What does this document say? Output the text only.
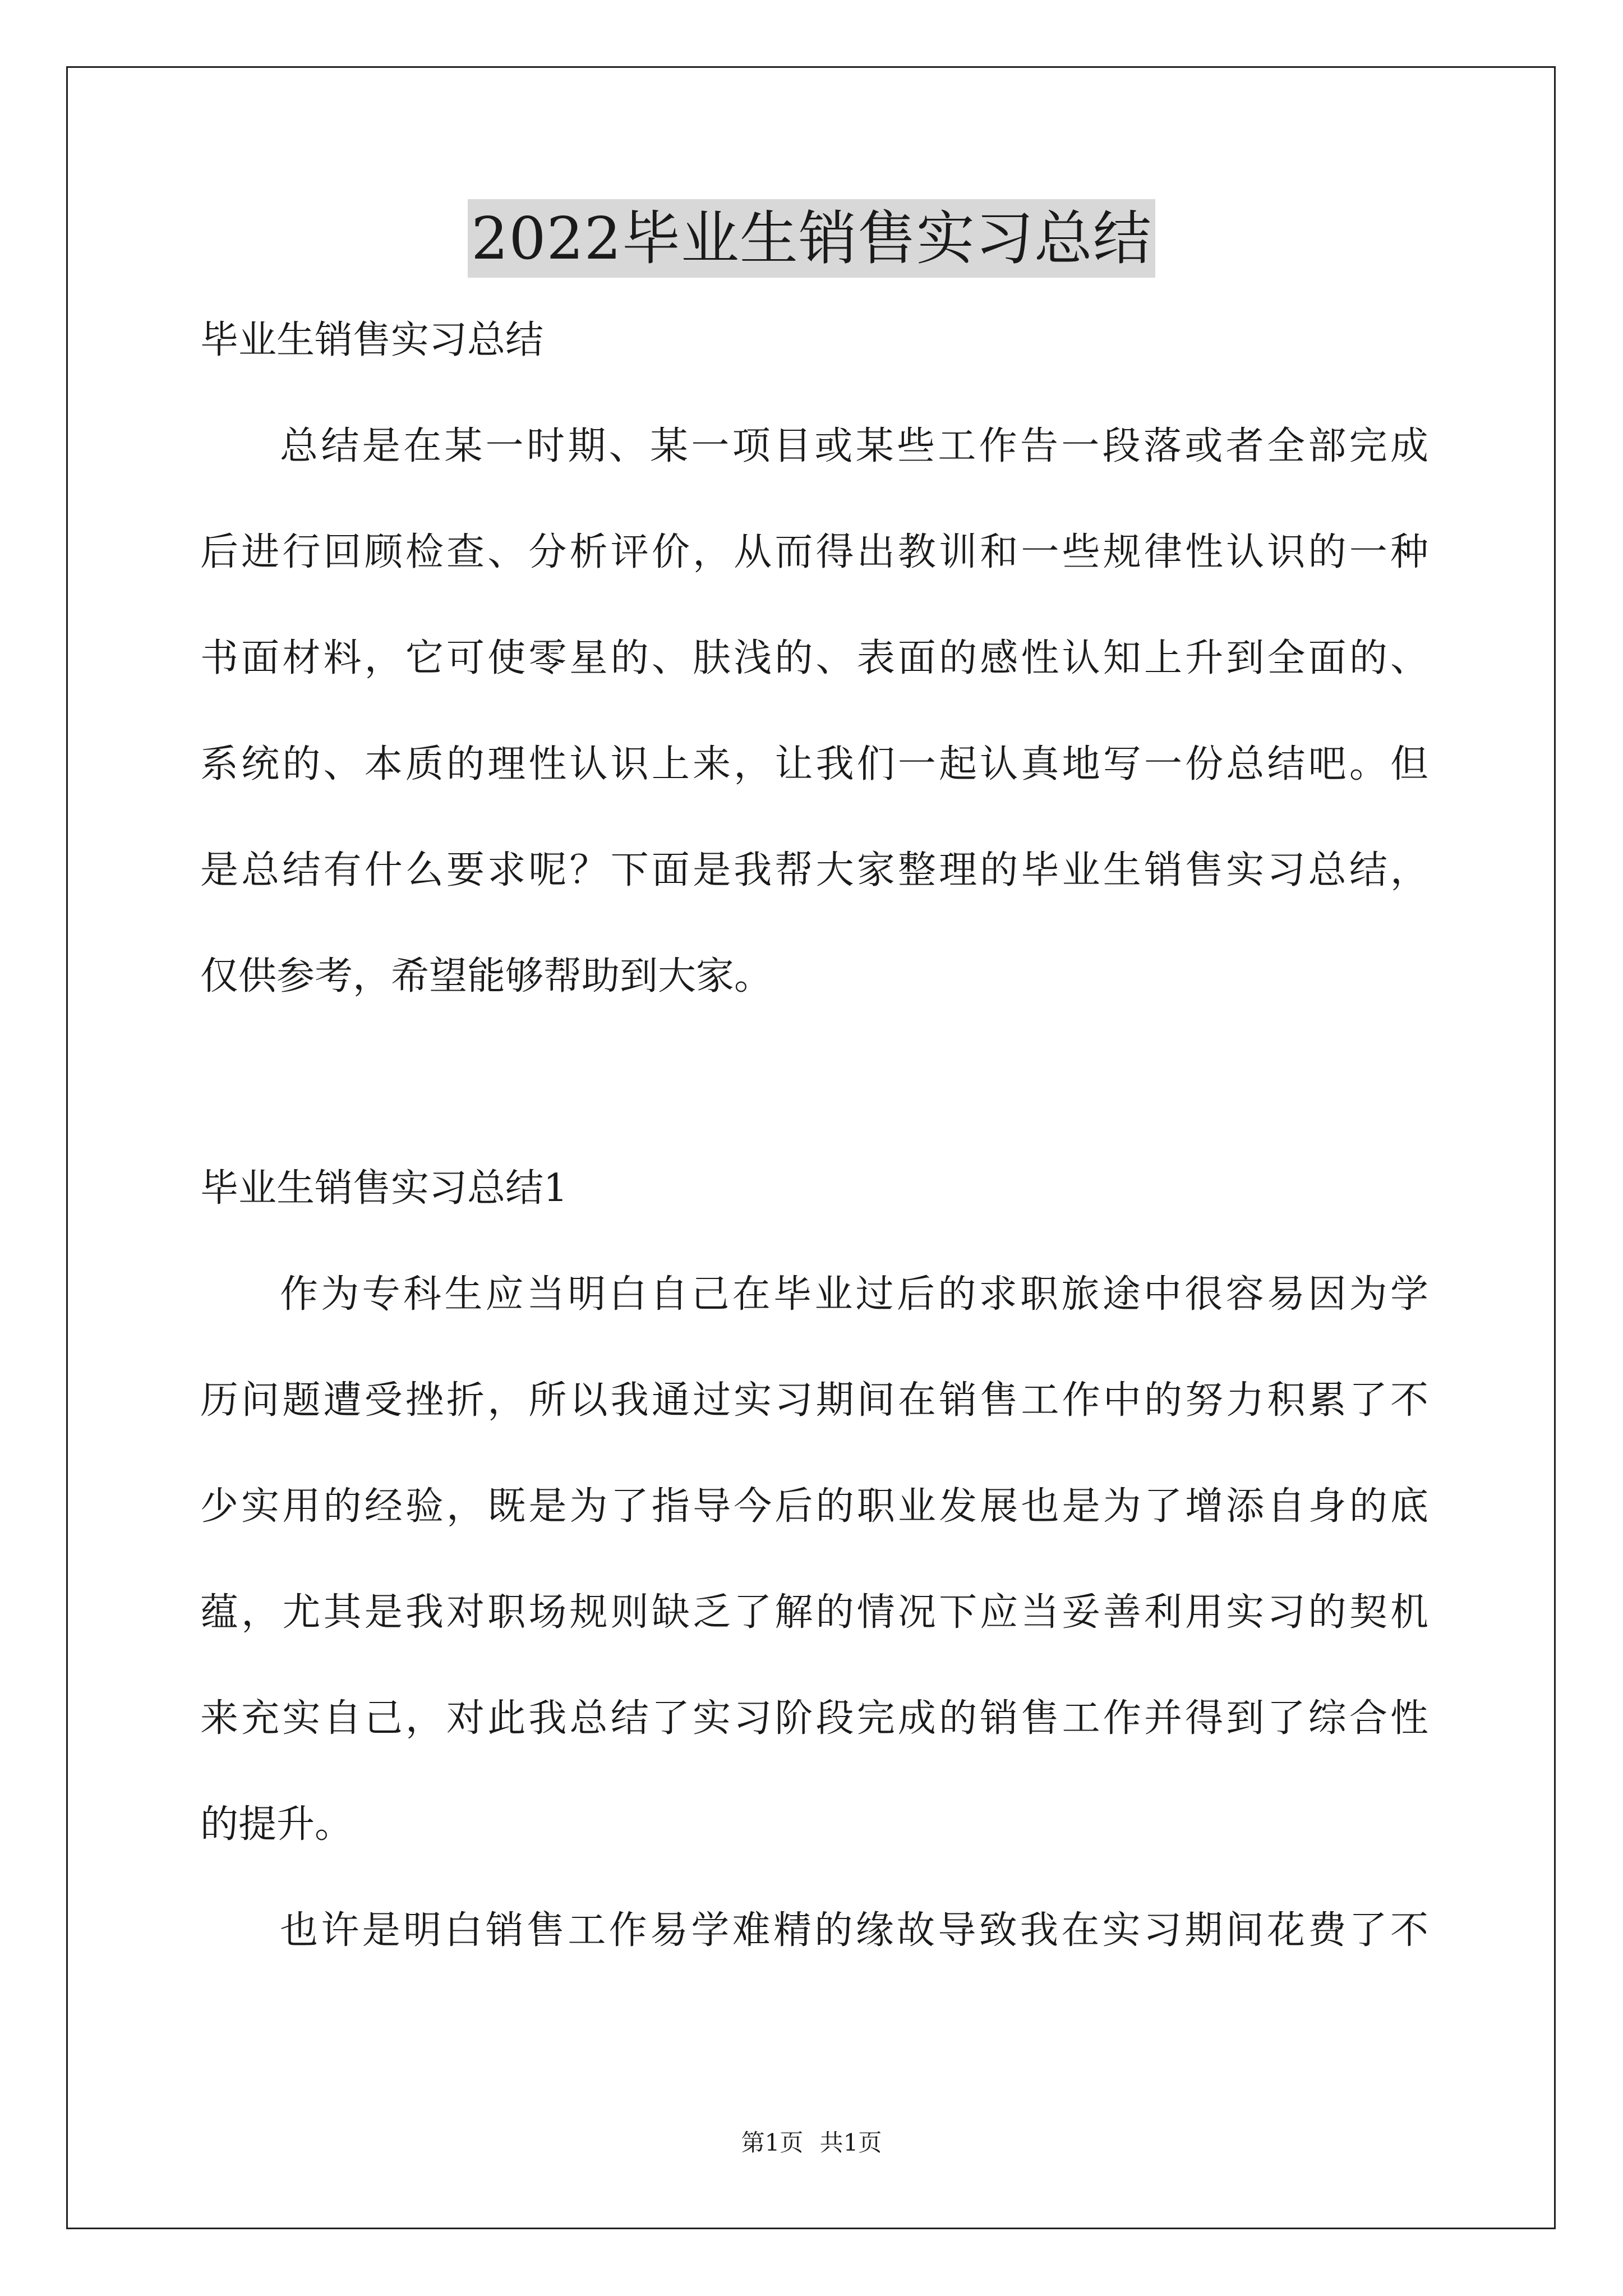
2022毕业生销售实习总结
毕业生销售实习总结
总结是在某一时期、某一项目或某些工作告一段落或者全部完成
后进行回顾检查、分析评价，从而得出教训和一些规律性认识的一种
书面材料，它可使零星的、肤浅的、表面的感性认知上升到全面的、
系统的、本质的理性认识上来，让我们一起认真地写一份总结吧。但
是总结有什么要求呢？下面是我帮大家整理的毕业生销售实习总结，
仅供参考，希望能够帮助到大家。
毕业生销售实习总结1
作为专科生应当明白自己在毕业过后的求职旅途中很容易因为学
历问题遭受挫折，所以我通过实习期间在销售工作中的努力积累了不
少实用的经验，既是为了指导今后的职业发展也是为了增添自身的底
蕴，尤其是我对职场规则缺乏了解的情况下应当妥善利用实习的契机
来充实自己，对此我总结了实习阶段完成的销售工作并得到了综合性
的提升。
也许是明白销售工作易学难精的缘故导致我在实习期间花费了不
第1页 共1页
